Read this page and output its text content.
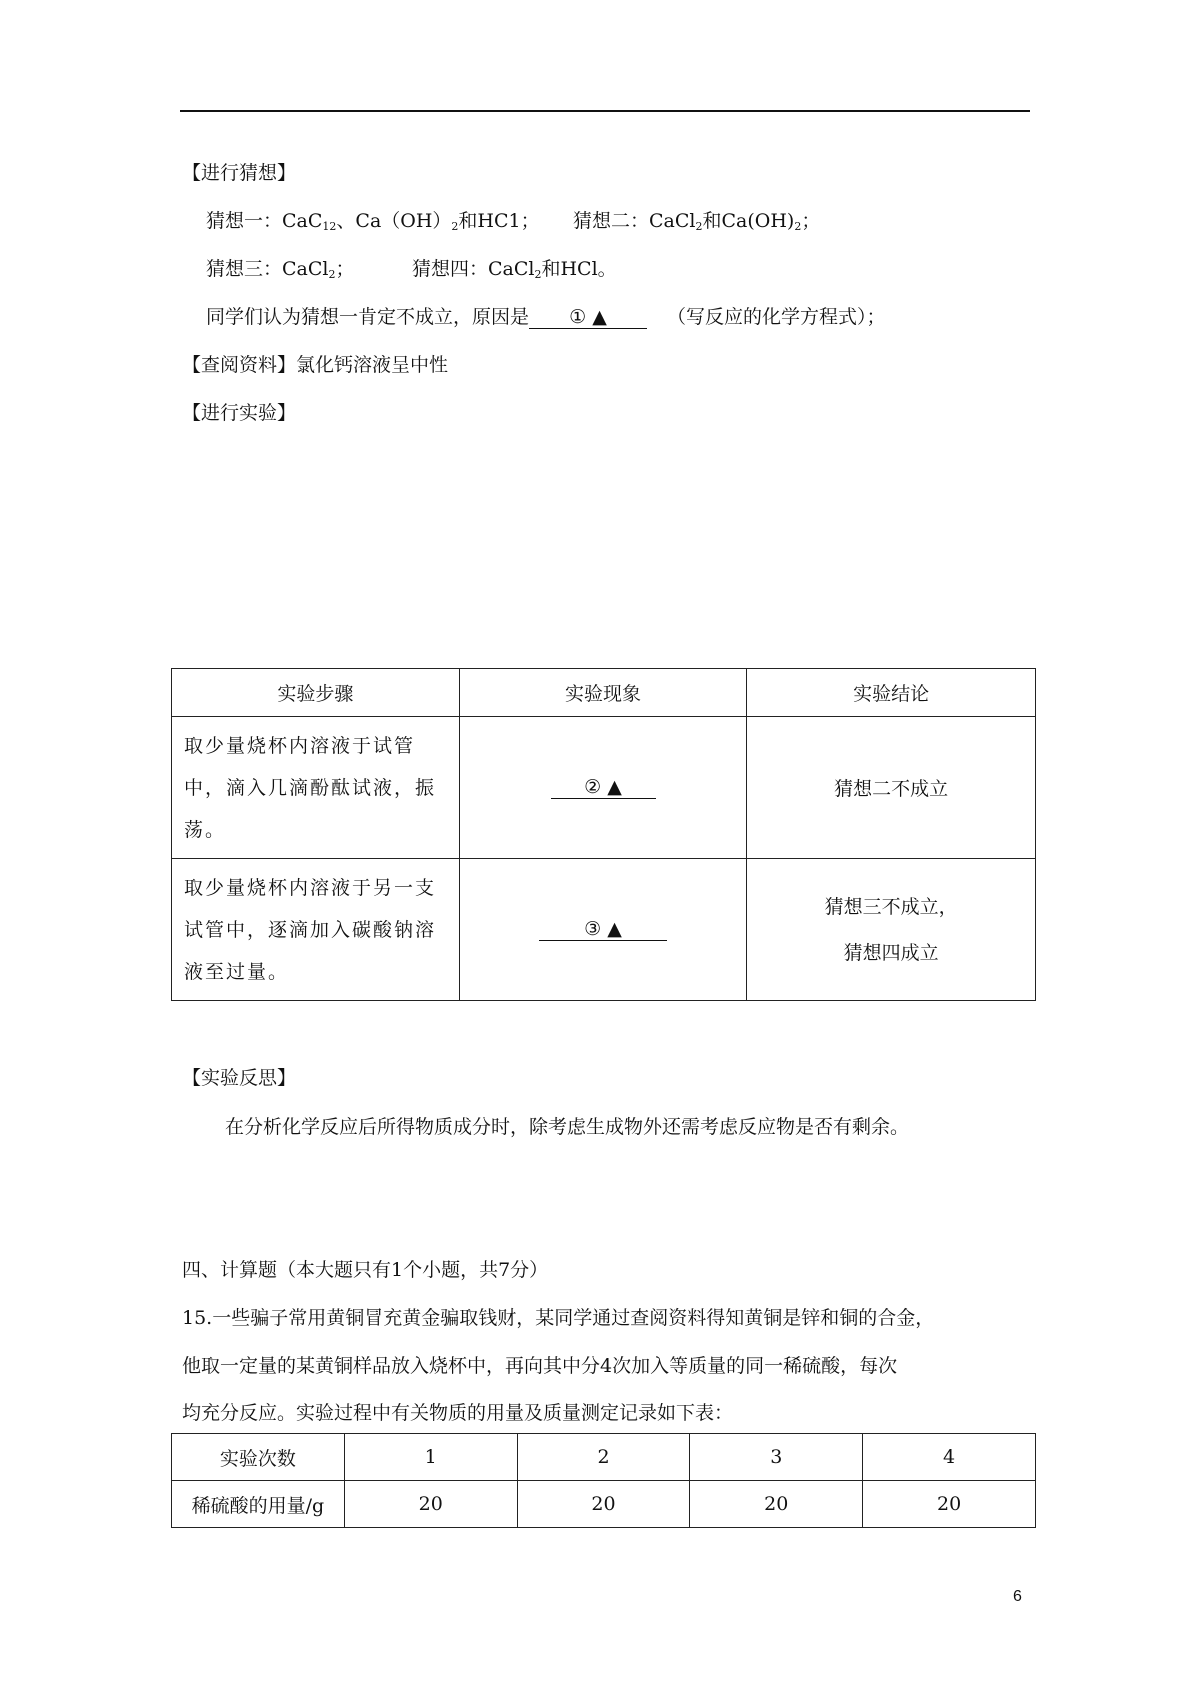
【进行猜想】
猜想一：CaC$_{12}$、$Ca(OH)_2$和HC1； 猜想二：CaCl$_2$和$Ca(OH)_2$；
猜想三：CaCl$_2$；	猜想四：CaCl$_2$和HCl。
同学们认为猜想一肯定不成立，原因是 ① ▲	（写反应的化学方程式）；
【查阅资料】氯化钙溶液呈中性
【进行实验】
实验步骤	实验现象	实验结论
取少量烧杯内溶液于试管中，滴入几滴酚酞试液，振荡。	② ▲	猜想二不成立

取少量烧杯内溶液于另一支试管中，逐滴加入碳酸钠溶液至过量。	③ ▲	猜想三不成立，
猜想四成立
【实验反思】
在分析化学反应后所得物质成分时，除考虑生成物外还需考虑反应物是否有剩余。
四、计算题（本大题只有1个小题，共7分）
15.一些骗子常用黄铜冒充黄金骗取钱财，某同学通过查阅资料得知黄铜是锌和铜的合金，
他取一定量的某黄铜样品放入烧杯中，再向其中分4次加入等质量的同一稀硫酸，每次
均充分反应。实验过程中有关物质的用量及质量测定记录如下表：
实验次数	1	2	3	4
稀硫酸的用量/g	20	20	20	20
6
